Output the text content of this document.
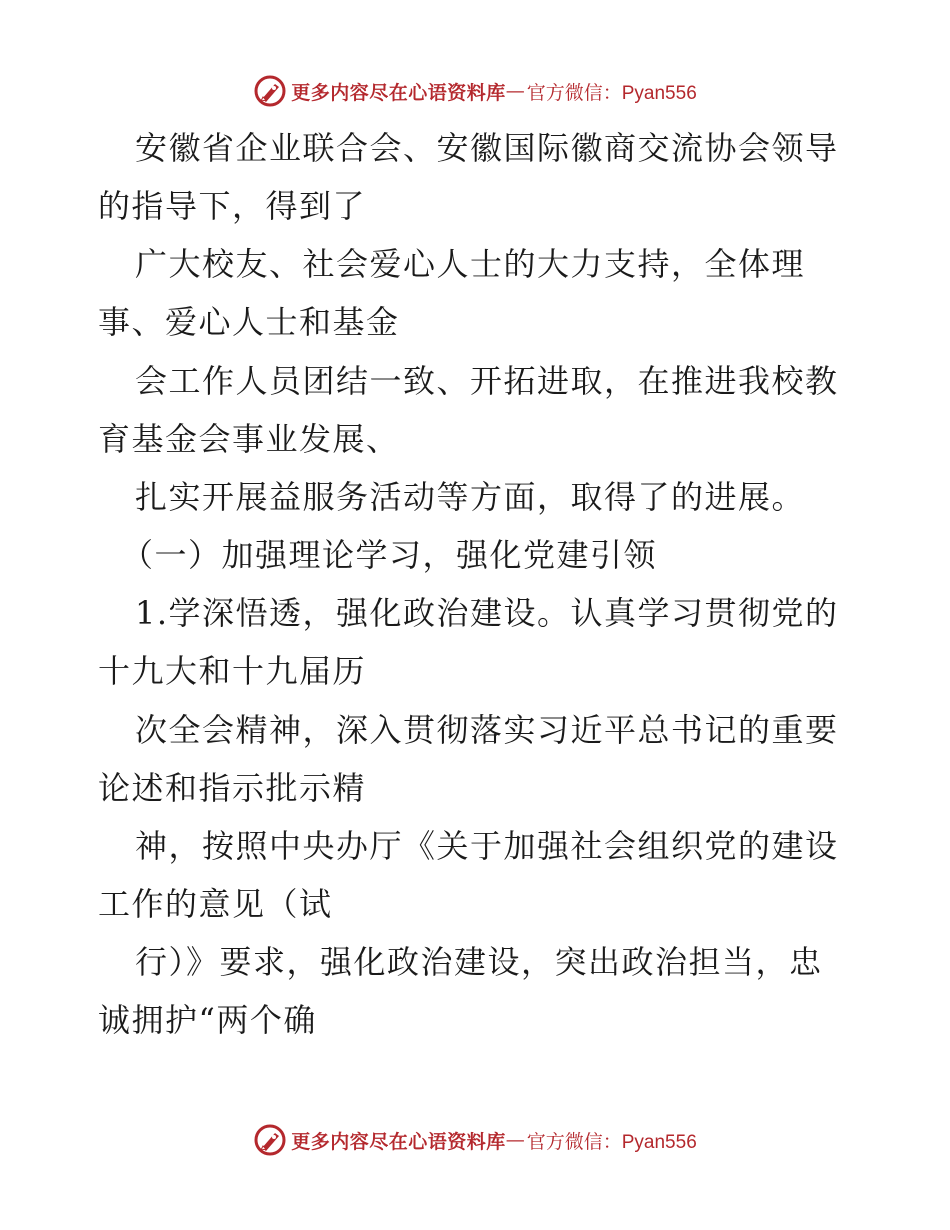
更多内容尽在心语资料库 — 官方微信：Pyan556
安徽省企业联合会、安徽国际徽商交流协会领导
的指导下，得到了
广大校友、社会爱心人士的大力支持，全体理
事、爱心人士和基金
会工作人员团结一致、开拓进取，在推进我校教
育基金会事业发展、
扎实开展益服务活动等方面，取得了的进展。
（一）加强理论学习，强化党建引领
1.学深悟透，强化政治建设。认真学习贯彻党的
十九大和十九届历
次全会精神，深入贯彻落实习近平总书记的重要
论述和指示批示精
神，按照中央办厅《关于加强社会组织党的建设
工作的意见（试
行）》要求，强化政治建设，突出政治担当，忠
诚拥护“两个确
更多内容尽在心语资料库 — 官方微信：Pyan556
